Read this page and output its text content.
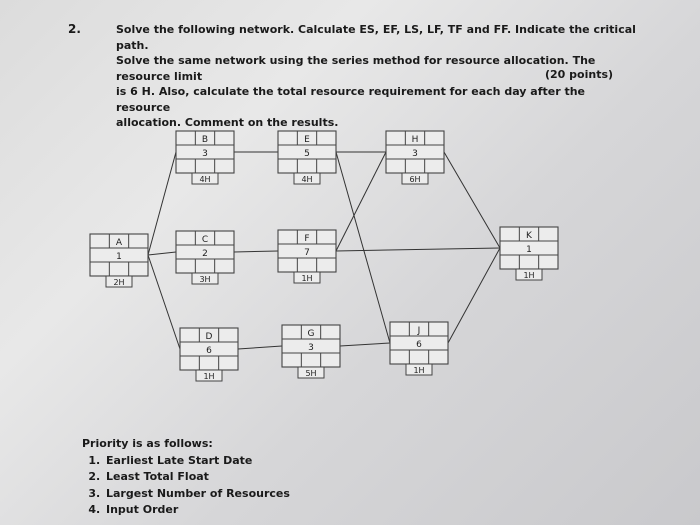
2.	Solve the following network. Calculate ES, EF, LS, LF, TF and FF. Indicate the critical path.

Solve the same network using the series method for resource allocation. The resource limit

is 6 H. Also, calculate the total resource requirement for each day after the resource

allocation. Comment on the results.

(20 points)
A
1
2H
B
3
4H
C
2
3H
D
6
1H
E
5
4H
F
7
1H
G
3
5H
H
3
6H
J
6
1H
K
1
1H
Priority is as follows:
1. Earliest Late Start Date
2. Least Total Float
3. Largest Number of Resources
4. Input Order
